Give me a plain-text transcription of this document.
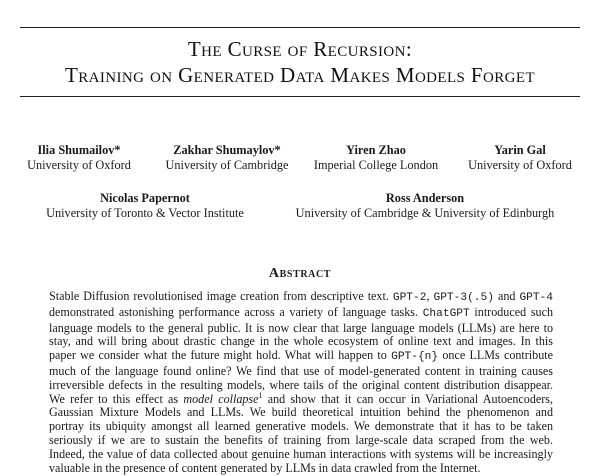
The Curse of Recursion:
Training on Generated Data Makes Models Forget
Ilia Shumailov*
University of Oxford
Zakhar Shumaylov*
University of Cambridge
Yiren Zhao
Imperial College London
Yarin Gal
University of Oxford
Nicolas Papernot
University of Toronto & Vector Institute
Ross Anderson
University of Cambridge & University of Edinburgh
Abstract
Stable Diffusion revolutionised image creation from descriptive text. GPT-2, GPT-3(.5) and GPT-4
demonstrated astonishing performance across a variety of language tasks. ChatGPT introduced such
language models to the general public. It is now clear that large language models (LLMs) are here to
stay, and will bring about drastic change in the whole ecosystem of online text and images. In this
paper we consider what the future might hold. What will happen to GPT-{n} once LLMs contribute
much of the language found online? We find that use of model-generated content in training causes
irreversible defects in the resulting models, where tails of the original content distribution disappear.
We refer to this effect as model collapse$^1$ and show that it can occur in Variational Autoencoders,
Gaussian Mixture Models and LLMs. We build theoretical intuition behind the phenomenon and
portray its ubiquity amongst all learned generative models. We demonstrate that it has to be taken
seriously if we are to sustain the benefits of training from large-scale data scraped from the web.
Indeed, the value of data collected about genuine human interactions with systems will be increasingly
valuable in the presence of content generated by LLMs in data crawled from the Internet.
